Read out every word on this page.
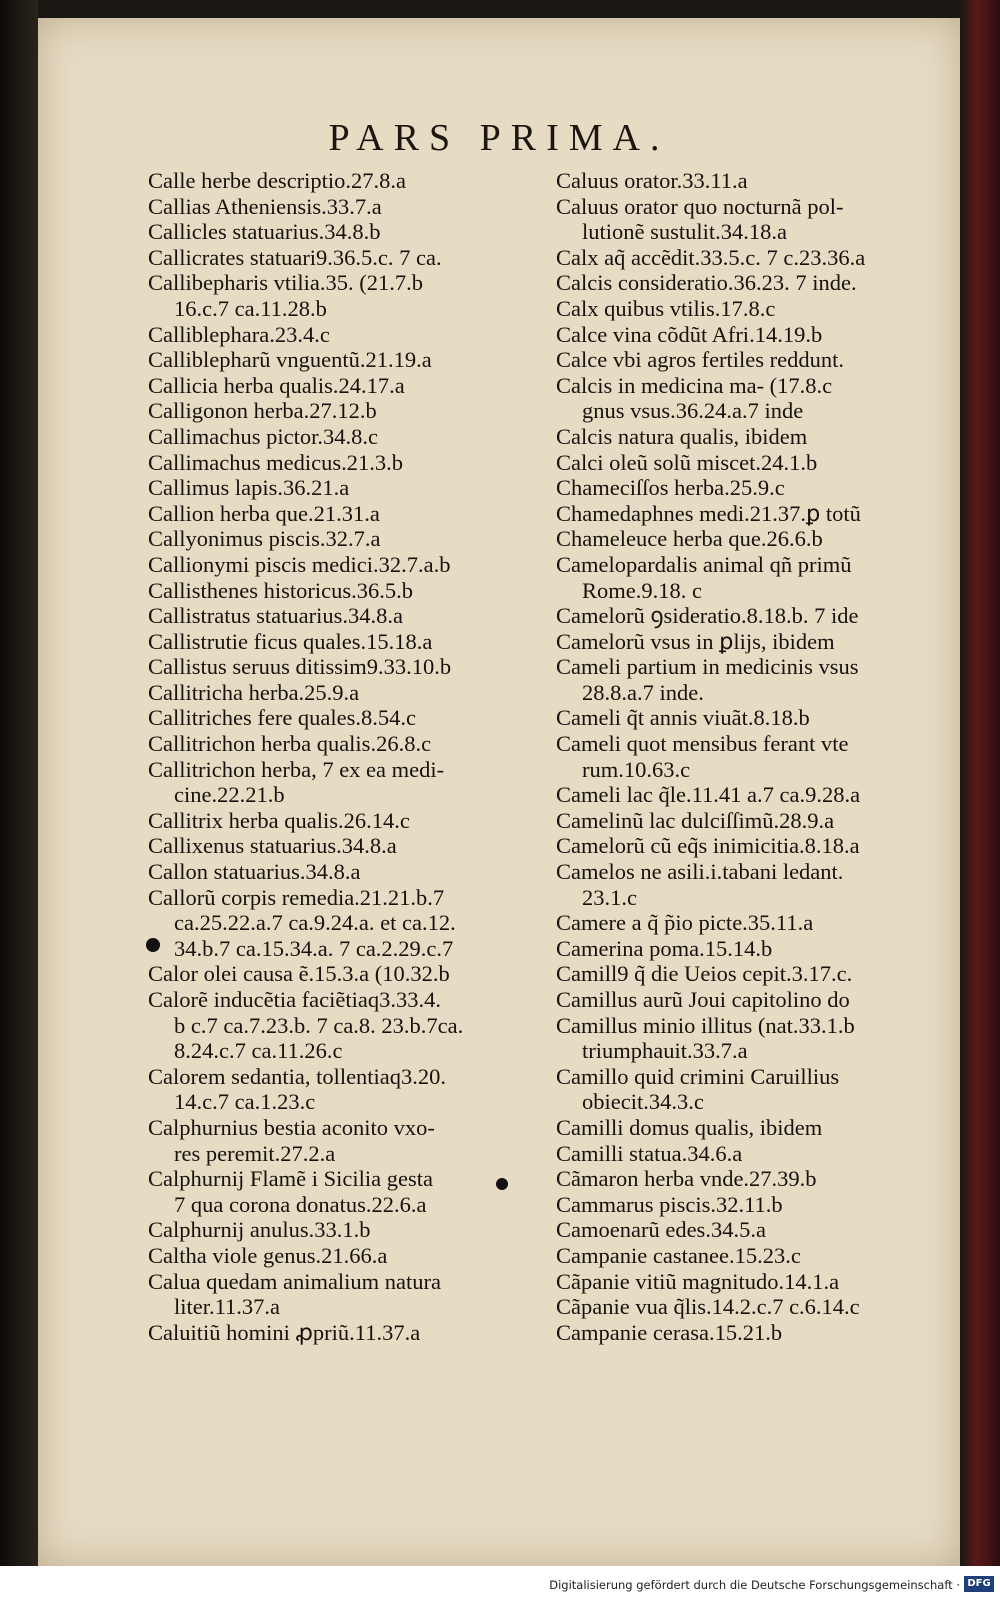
PARS PRIMA.
Calle herbe descriptio.27.8.a
Callias Atheniensis.33.7.a
Callicles statuarius.34.8.b
Callicrates statuari9.36.5.c. 7 ca.
Callibepharis vtilia.35. (21.7.b
16.c.7 ca.11.28.b
Calliblephara.23.4.c
Calliblepharũ vnguentũ.21.19.a
Callicia herba qualis.24.17.a
Calligonon herba.27.12.b
Callimachus pictor.34.8.c
Callimachus medicus.21.3.b
Callimus lapis.36.21.a
Callion herba que.21.31.a
Callyonimus piscis.32.7.a
Callionymi piscis medici.32.7.a.b
Callisthenes historicus.36.5.b
Callistratus statuarius.34.8.a
Callistrutie ficus quales.15.18.a
Callistus seruus ditissim9.33.10.b
Callitricha herba.25.9.a
Callitriches fere quales.8.54.c
Callitrichon herba qualis.26.8.c
Callitrichon herba, 7 ex ea medi-
cine.22.21.b
Callitrix herba qualis.26.14.c
Callixenus statuarius.34.8.a
Callon statuarius.34.8.a
Callorũ corpis remedia.21.21.b.7
ca.25.22.a.7 ca.9.24.a. et ca.12.
34.b.7 ca.15.34.a. 7 ca.2.29.c.7
Calor olei causa ẽ.15.3.a (10.32.b
Calorẽ inducẽtia faciẽtiaq3.33.4.
b c.7 ca.7.23.b. 7 ca.8. 23.b.7ca.
8.24.c.7 ca.11.26.c
Calorem sedantia, tollentiaq3.20.
14.c.7 ca.1.23.c
Calphurnius bestia aconito vxo-
res peremit.27.2.a
Calphurnij Flamẽ i Sicilia gesta
7 qua corona donatus.22.6.a
Calphurnij anulus.33.1.b
Caltha viole genus.21.66.a
Calua quedam animalium natura
liter.11.37.a
Caluitiũ homini ꝓpriũ.11.37.a
Caluus orator.33.11.a
Caluus orator quo nocturnã pol-
lutionẽ sustulit.34.18.a
Calx aq̃ accẽdit.33.5.c. 7 c.23.36.a
Calcis consideratio.36.23. 7 inde.
Calx quibus vtilis.17.8.c
Calce vina cõdũt Afri.14.19.b
Calce vbi agros fertiles reddunt.
Calcis in medicina ma- (17.8.c
gnus vsus.36.24.a.7 inde
Calcis natura qualis, ibidem
Calci oleũ solũ miscet.24.1.b
Chameciſſos herba.25.9.c
Chamedaphnes medi.21.37.ꝑ totũ
Chameleuce herba que.26.6.b
Camelopardalis animal qñ primũ
Rome.9.18. c
Camelorũ ꝯsideratio.8.18.b. 7 ide
Camelorũ vsus in ꝑlijs, ibidem
Cameli partium in medicinis vsus
28.8.a.7 inde.
Cameli q̃t annis viuãt.8.18.b
Cameli quot mensibus ferant vte
rum.10.63.c
Cameli lac q̃le.11.41 a.7 ca.9.28.a
Camelinũ lac dulciſſimũ.28.9.a
Camelorũ cũ eq̃s inimicitia.8.18.a
Camelos ne asili.i.tabani ledant.
23.1.c
Camere a q̃ p̃io picte.35.11.a
Camerina poma.15.14.b
Camill9 q̃ die Ueios cepit.3.17.c.
Camillus aurũ Joui capitolino do
Camillus minio illitus (nat.33.1.b
triumphauit.33.7.a
Camillo quid crimini Caruillius
obiecit.34.3.c
Camilli domus qualis, ibidem
Camilli statua.34.6.a
Cãmaron herba vnde.27.39.b
Cammarus piscis.32.11.b
Camoenarũ edes.34.5.a
Campanie castanee.15.23.c
Cãpanie vitiũ magnitudo.14.1.a
Cãpanie vua q̃lis.14.2.c.7 c.6.14.c
Campanie cerasa.15.21.b
Digitalisierung gefördert durch die Deutsche Forschungsgemeinschaft · DFG
